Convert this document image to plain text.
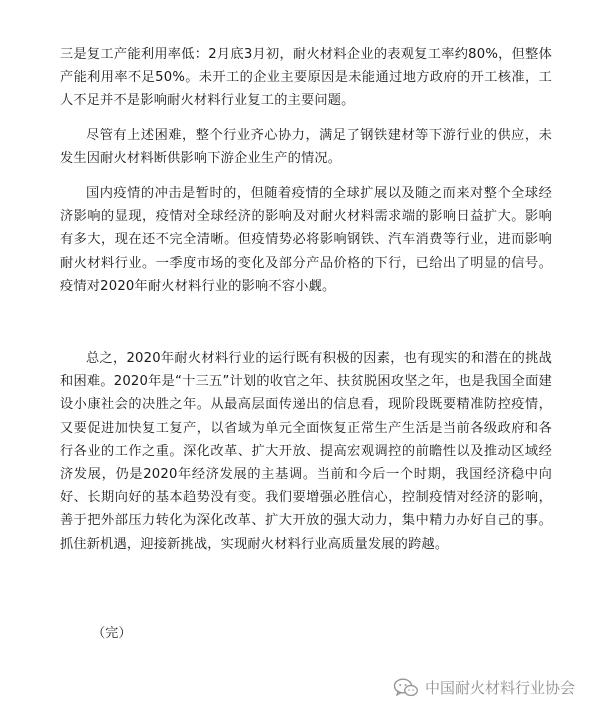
三是复工产能利用率低：2月底3月初，耐火材料企业的表观复工率约80%，但整体产能利用率不足50%。未开工的企业主要原因是未能通过地方政府的开工核准，工人不足并不是影响耐火材料行业复工的主要问题。

尽管有上述困难，整个行业齐心协力，满足了钢铁建材等下游行业的供应，未发生因耐火材料断供影响下游企业生产的情况。

国内疫情的冲击是暂时的，但随着疫情的全球扩展以及随之而来对整个全球经济影响的显现，疫情对全球经济的影响及对耐火材料需求端的影响日益扩大。影响有多大，现在还不完全清晰。但疫情势必将影响钢铁、汽车消费等行业，进而影响耐火材料行业。一季度市场的变化及部分产品价格的下行，已给出了明显的信号。疫情对2020年耐火材料行业的影响不容小觑。

总之，2020年耐火材料行业的运行既有积极的因素，也有现实的和潜在的挑战和困难。2020年是“十三五”计划的收官之年、扶贫脱困攻坚之年，也是我国全面建设小康社会的决胜之年。从最高层面传递出的信息看，现阶段既要精准防控疫情，又要促进加快复工复产，以省域为单元全面恢复正常生产生活是当前各级政府和各行各业的工作之重。深化改革、扩大开放、提高宏观调控的前瞻性以及推动区域经济发展，仍是2020年经济发展的主基调。当前和今后一个时期，我国经济稳中向好、长期向好的基本趋势没有变。我们要增强必胜信心，控制疫情对经济的影响，善于把外部压力转化为深化改革、扩大开放的强大动力，集中精力办好自己的事。抓住新机遇，迎接新挑战，实现耐火材料行业高质量发展的跨越。

（完）

中国耐火材料行业协会
